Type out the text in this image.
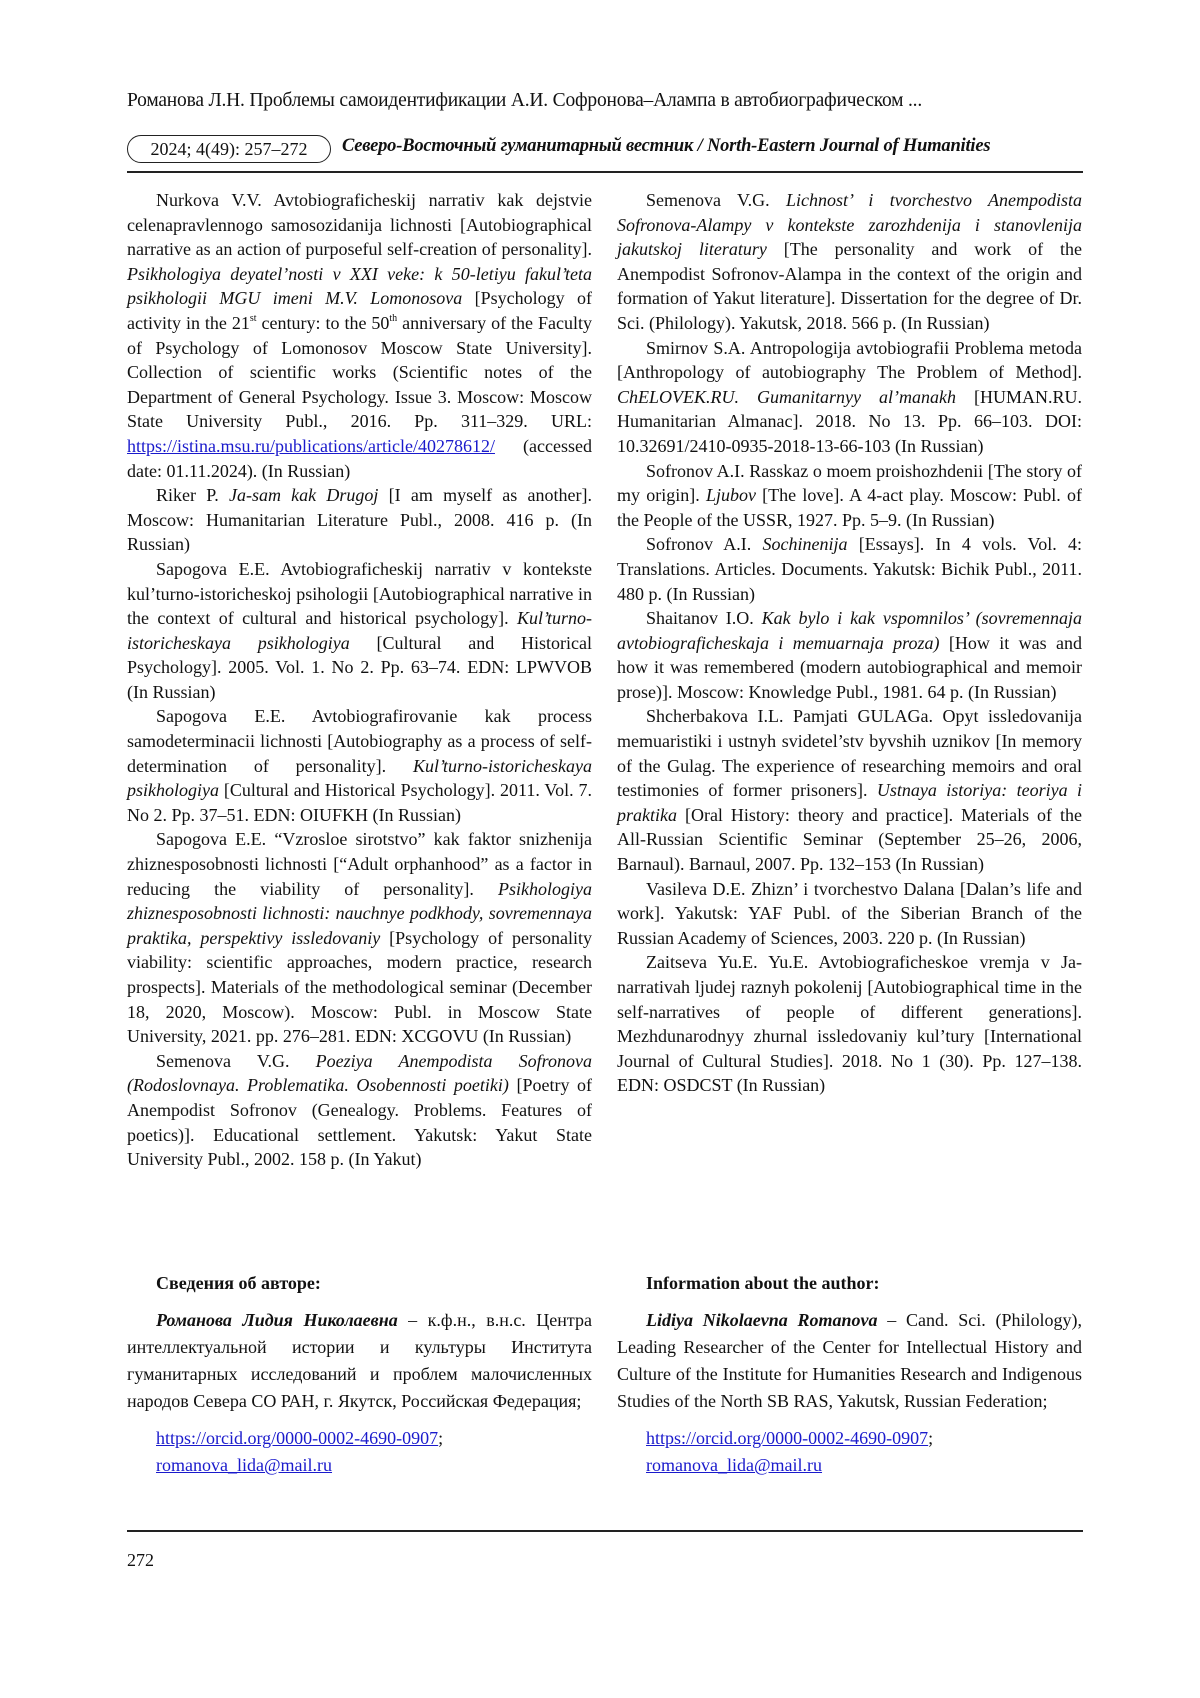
Романова Л.Н. Проблемы самоидентификации А.И. Софронова–Алампа в автобиографическом ...
2024; 4(49): 257–272	Северо-Восточный гуманитарный вестник / North-Eastern Journal of Humanities

Nurkova V.V. Avtobiograficheskij narrativ kak dejstvie celenapravlennogo samosozidanija lichnosti [Autobiographical narrative as an action of purposeful self-creation of personality]. Psikhologiya deyatel’nosti v XXI veke: k 50-letiyu fakul’teta psikhologii MGU imeni M.V. Lomonosova [Psychology of activity in the 21st century: to the 50th anniversary of the Faculty of Psychology of Lomonosov Moscow State University]. Collection of scientific works (Scientific notes of the Department of General Psychology. Issue 3. Moscow: Moscow State University Publ., 2016. Pp. 311–329. URL: https://istina.msu.ru/publications/article/40278612/ (accessed date: 01.11.2024). (In Russian)

Riker P. Ja-sam kak Drugoj [I am myself as another]. Moscow: Humanitarian Literature Publ., 2008. 416 p. (In Russian)

Sapogova E.E. Avtobiograficheskij narrativ v kontekste kul’turno-istoricheskoj psihologii [Autobiographical narrative in the context of cultural and historical psychology]. Kul’turno-istoricheskaya psikhologiya [Cultural and Historical Psychology]. 2005. Vol. 1. No 2. Pp. 63–74. EDN: LPWVOB (In Russian)

Sapogova E.E. Avtobiografirovanie kak process samodeterminacii lichnosti [Autobiography as a process of self-determination of personality]. Kul’turno-istoricheskaya psikhologiya [Cultural and Historical Psychology]. 2011. Vol. 7. No 2. Pp. 37–51. EDN: OIUFKH (In Russian)

Sapogova E.E. “Vzrosloe sirotstvo” kak faktor snizhenija zhiznesposobnosti lichnosti [“Adult orphanhood” as a factor in reducing the viability of personality]. Psikhologiya zhiznesposobnosti lichnosti: nauchnye podkhody, sovremennaya praktika, perspektivy issledovaniy [Psychology of personality viability: scientific approaches, modern practice, research prospects]. Materials of the methodological seminar (December 18, 2020, Moscow). Moscow: Publ. in Moscow State University, 2021. pp. 276–281. EDN: XCGOVU (In Russian)

Semenova V.G. Poeziya Anempodista Sofronova (Rodoslovnaya. Problematika. Osobennosti poetiki) [Poetry of Anempodist Sofronov (Genealogy. Problems. Features of poetics)]. Educational settlement. Yakutsk: Yakut State University Publ., 2002. 158 p. (In Yakut)

Semenova V.G. Lichnost’ i tvorchestvo Anempodista Sofronova-Alampy v kontekste zarozhdenija i stanovlenija jakutskoj literatury [The personality and work of the Anempodist Sofronov-Alampa in the context of the origin and formation of Yakut literature]. Dissertation for the degree of Dr. Sci. (Philology). Yakutsk, 2018. 566 p. (In Russian)

Smirnov S.A. Antropologija avtobiografii Problema metoda [Anthropology of autobiography The Problem of Method]. ChELOVEK.RU. Gumanitarnyy al’manakh [HUMAN.RU. Humanitarian Almanac]. 2018. No 13. Pp. 66–103. DOI: 10.32691/2410-0935-2018-13-66-103 (In Russian)

Sofronov A.I. Rasskaz o moem proishozhdenii [The story of my origin]. Ljubov [The love]. A 4-act play. Moscow: Publ. of the People of the USSR, 1927. Pp. 5–9. (In Russian)

Sofronov A.I. Sochinenija [Essays]. In 4 vols. Vol. 4: Translations. Articles. Documents. Yakutsk: Bichik Publ., 2011. 480 p. (In Russian)

Shaitanov I.O. Kak bylo i kak vspomnilos’ (sovremennaja avtobiograficheskaja i memuarnaja proza) [How it was and how it was remembered (modern autobiographical and memoir prose)]. Moscow: Knowledge Publ., 1981. 64 p. (In Russian)

Shcherbakova I.L. Pamjati GULAGa. Opyt issledovanija memuaristiki i ustnyh svidetel’stv byvshih uznikov [In memory of the Gulag. The experience of researching memoirs and oral testimonies of former prisoners]. Ustnaya istoriya: teoriya i praktika [Oral History: theory and practice]. Materials of the All-Russian Scientific Seminar (September 25–26, 2006, Barnaul). Barnaul, 2007. Pp. 132–153 (In Russian)

Vasileva D.E. Zhizn’ i tvorchestvo Dalana [Dalan’s life and work]. Yakutsk: YAF Publ. of the Siberian Branch of the Russian Academy of Sciences, 2003. 220 p. (In Russian)

Zaitseva Yu.E. Yu.E. Avtobiograficheskoe vremja v Ja-narrativah ljudej raznyh pokolenij [Autobiographical time in the self-narratives of people of different generations]. Mezhdunarodnyy zhurnal issledovaniy kul’tury [International Journal of Cultural Studies]. 2018. No 1 (30). Pp. 127–138. EDN: OSDCST (In Russian)

Сведения об авторе:

Романова Лидия Николаевна – к.ф.н., в.н.с. Центра интеллектуальной истории и культуры Института гуманитарных исследований и проблем малочисленных народов Севера СО РАН, г. Якутск, Российская Федерация;

https://orcid.org/0000-0002-4690-0907;
romanova_lida@mail.ru
Information about the author:

Lidiya Nikolaevna Romanova – Cand. Sci. (Philology), Leading Researcher of the Center for Intellectual History and Culture of the Institute for Humanities Research and Indigenous Studies of the North SB RAS, Yakutsk, Russian Federation;

https://orcid.org/0000-0002-4690-0907;
romanova_lida@mail.ru
272
